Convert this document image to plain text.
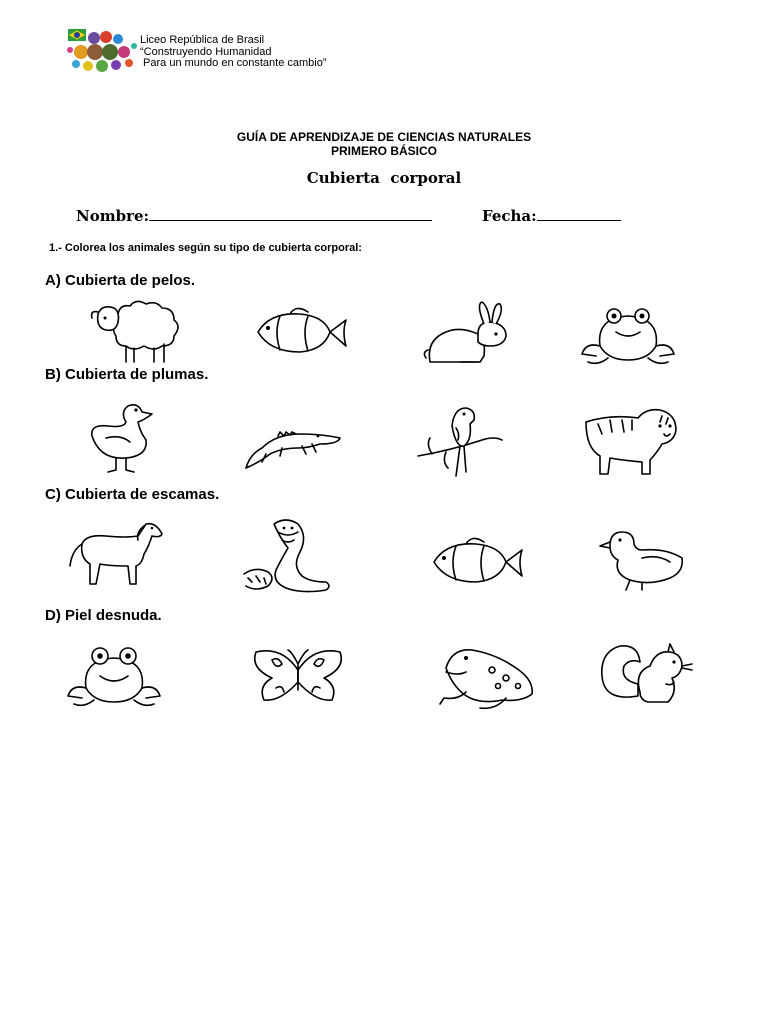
Liceo República de Brasil
“Construyendo Humanidad
Para un mundo en constante cambio”
GUÍA DE APRENDIZAJE DE CIENCIAS NATURALES
PRIMERO BÁSICO
Cubierta  corporal
Nombre:	Fecha:
1.- Colorea los animales según su tipo de cubierta corporal:
A) Cubierta de pelos.
B) Cubierta de plumas.
C) Cubierta de escamas.
D) Piel desnuda.
